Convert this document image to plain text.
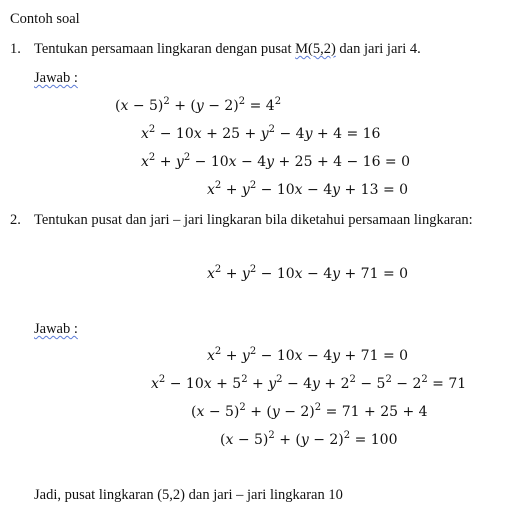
Contoh soal
1. Tentukan persamaan lingkaran dengan pusat M(5,2) dan jari jari 4.
Jawab :
$(x - 5)^2 + (y - 2)^2 = 4^2$
$x^2 - 10x + 25 + y^2 - 4y + 4 = 16$
$x^2 + y^2 - 10x - 4y + 25 + 4 - 16 = 0$
$x^2 + y^2 - 10x - 4y + 13 = 0$
2. Tentukan pusat dan jari – jari lingkaran bila diketahui persamaan lingkaran:
$x^2 + y^2 - 10x - 4y + 71 = 0$
Jawab :
$x^2 + y^2 - 10x - 4y + 71 = 0$
$x^2 - 10x + 5^2 + y^2 - 4y + 2^2 - 5^2 - 2^2 = 71$
$(x - 5)^2 + (y - 2)^2 = 71 + 25 + 4$
$(x - 5)^2 + (y - 2)^2 = 100$
Jadi, pusat lingkaran (5,2) dan jari – jari lingkaran 10
